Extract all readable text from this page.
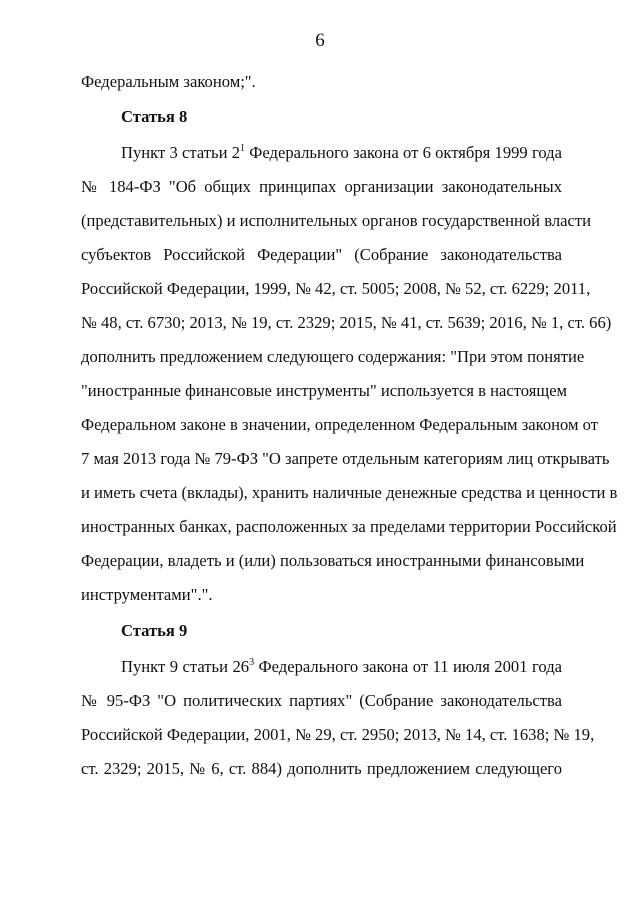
6
Федеральным законом;".
Статья 8
Пункт 3 статьи $2^1$ Федерального закона от 6 октября 1999 года
№ 184-ФЗ "Об общих принципах организации законодательных
(представительных) и исполнительных органов государственной власти
субъектов Российской Федерации" (Собрание законодательства
Российской Федерации, 1999, № 42, ст. 5005; 2008, № 52, ст. 6229; 2011,
№ 48, ст. 6730; 2013, № 19, ст. 2329; 2015, № 41, ст. 5639; 2016, № 1, ст. 66)
дополнить предложением следующего содержания: "При этом понятие
"иностранные финансовые инструменты" используется в настоящем
Федеральном законе в значении, определенном Федеральным законом от
7 мая 2013 года № 79-ФЗ "О запрете отдельным категориям лиц открывать
и иметь счета (вклады), хранить наличные денежные средства и ценности в
иностранных банках, расположенных за пределами территории Российской
Федерации, владеть и (или) пользоваться иностранными финансовыми
инструментами".".
Статья 9
Пункт 9 статьи $26^3$ Федерального закона от 11 июля 2001 года
№ 95-ФЗ "О политических партиях" (Собрание законодательства
Российской Федерации, 2001, № 29, ст. 2950; 2013, № 14, ст. 1638; № 19,
ст. 2329; 2015, № 6, ст. 884) дополнить предложением следующего
